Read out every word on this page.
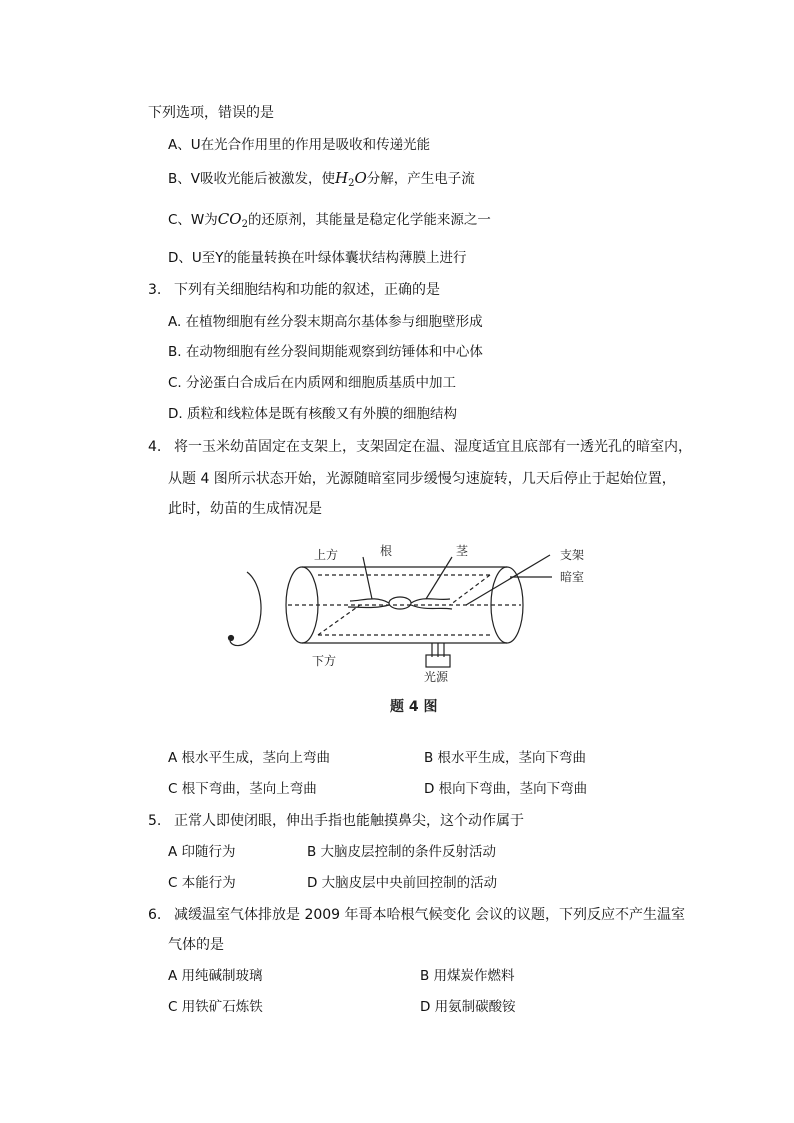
下列选项，错误的是
A、U在光合作用里的作用是吸收和传递光能
B、V吸收光能后被激发，使$H_2O$分解，产生电子流
C、W为$CO_2$的还原剂，其能量是稳定化学能来源之一
D、U至Y的能量转换在叶绿体囊状结构薄膜上进行
3. 下列有关细胞结构和功能的叙述，正确的是
A. 在植物细胞有丝分裂末期高尔基体参与细胞壁形成
B. 在动物细胞有丝分裂间期能观察到纺锤体和中心体
C. 分泌蛋白合成后在内质网和细胞质基质中加工
D. 质粒和线粒体是既有核酸又有外膜的细胞结构
4. 将一玉米幼苗固定在支架上，支架固定在温、湿度适宜且底部有一透光孔的暗室内，
从题 4 图所示状态开始，光源随暗室同步缓慢匀速旋转，几天后停止于起始位置，
此时，幼苗的生成情况是
上方	根	茎	支架
暗室
下方
光源
题 4 图
A 根水平生成，茎向上弯曲	B 根水平生成，茎向下弯曲
C 根下弯曲，茎向上弯曲	D 根向下弯曲，茎向下弯曲
5. 正常人即使闭眼，伸出手指也能触摸鼻尖，这个动作属于
A 印随行为	B 大脑皮层控制的条件反射活动
C 本能行为	D 大脑皮层中央前回控制的活动
6. 减缓温室气体排放是 2009 年哥本哈根气候变化 会议的议题，下列反应不产生温室
气体的是
A 用纯碱制玻璃	B 用煤炭作燃料
C 用铁矿石炼铁	D 用氨制碳酸铵
